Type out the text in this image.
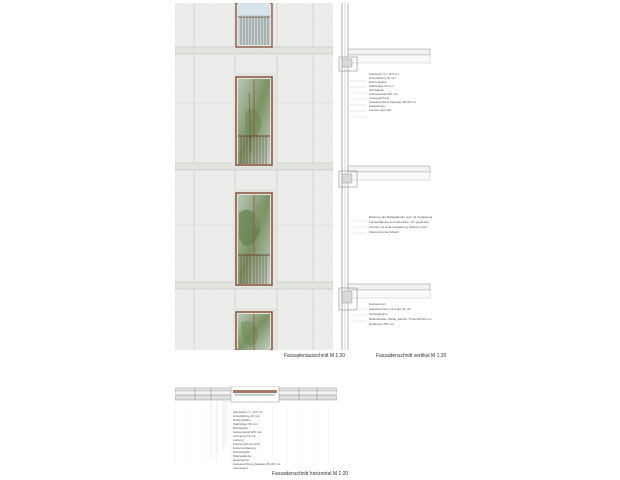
Sandstein 3 + 10,5 cm
Hinterlüftung 40 mm
Dämmplatten
Stahlträger 50 mm
Windpapier
Aussenwand 200 mm
Untergeschoss
Ladeanschluss Fassade 25x45 mm
Hauptachse
Fenster aus Holz
Brüstung als Stahlgeländer, ggf. mit Verglasung
Fensterlaibung aus Naturstein, Tür gegliedert
Fenster mit Isolierverglasung, Rahmen Holz
Wetterschenkel Metall
Deckenrand
Fassadenstein mit Fuge 40 mm
Sockelgesims
Bodenaufbau: Belag, Estrich, Trittschall 80 mm
Rohdecke 250 mm
Fassadenausschnitt M 1:20	Fassadenschnitt vertikal M 1:20
Sandstein 3 + 10,5 cm
Hinterlüftung 40 mm
Dämmplatten
Stahlträger 50 mm
Windpapier
Aussenwand 200 mm
Innenputz 15 mm
Laibung
Fensterrahmen Holz
Isolierverglasung
Fensterbank
Stahlgeländer
Hauptachse
Ladeanschluss Fassade 25x45 mm
Innenwand
Fassadenschnitt horizontal M 1:20
